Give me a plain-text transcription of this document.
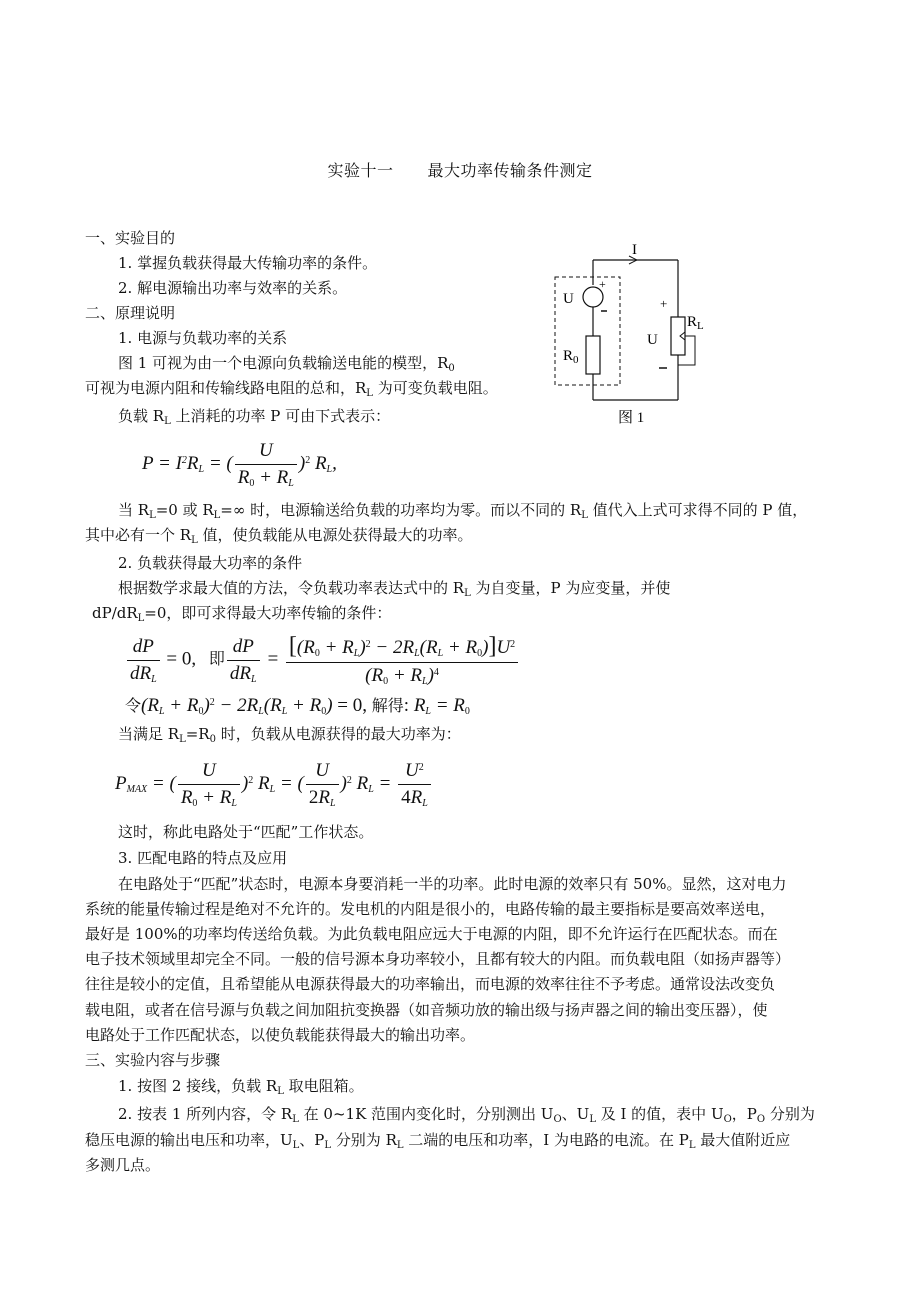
实验十一 最大功率传输条件测定
一、实验目的
1. 掌握负载获得最大传输功率的条件。
2. 解电源输出功率与效率的关系。
二、原理说明
1. 电源与负载功率的关系
图 1 可视为由一个电源向负载输送电能的模型，$R_0$
可视为电源内阻和传输线路电阻的总和，$R_L$ 为可变负载电阻。
负载 $R_L$ 上消耗的功率 P 可由下式表示：
$P = I^2R_L$ = ( $\frac{U}{R_0 + R_L} )^2$ $R_L$,
当 $R_L=0$ 或 $R_L=\infty$ 时，电源输送给负载的功率均为零。而以不同的 $R_L$ 值代入上式可求得不同的 P 值，
其中必有一个 $R_L$ 值，使负载能从电源处获得最大的功率。
2. 负载获得最大功率的条件
根据数学求最大值的方法，令负载功率表达式中的 $R_L$ 为自变量，P 为应变量，并使
$dP/dR_L=0$，即可求得最大功率传输的条件：
$\frac{dP}{dR_L} = 0$, 即 $\frac{dP}{dR_L} = \frac{[(R_0 + R_L)^2 - 2R_L(R_L + R_0)]U^2}{(R_0 + R_L)^4}$
令$(R_L + R_0)^2 - 2R_L(R_L + R_0) = 0$, 解得: $R_L = R_0$
当满足 $R_L=R_0$ 时，负载从电源获得的最大功率为：
$P_{MAX}$ = ( $\frac{U}{R_0 + R_L} )^2$ $R_L$ = ( $\frac{U}{2R_L} )^2$ $R_L = \frac{U^2}{4R_L}$
这时，称此电路处于“匹配”工作状态。
3. 匹配电路的特点及应用
在电路处于“匹配”状态时，电源本身要消耗一半的功率。此时电源的效率只有 50%。显然，这对电力
系统的能量传输过程是绝对不允许的。发电机的内阻是很小的，电路传输的最主要指标是要高效率送电，
最好是 100%的功率均传送给负载。为此负载电阻应远大于电源的内阻，即不允许运行在匹配状态。而在
电子技术领域里却完全不同。一般的信号源本身功率较小，且都有较大的内阻。而负载电阻（如扬声器等）
往往是较小的定值，且希望能从电源获得最大的功率输出，而电源的效率往往不予考虑。通常设法改变负
载电阻，或者在信号源与负载之间加阻抗变换器（如音频功放的输出级与扬声器之间的输出变压器），使
电路处于工作匹配状态，以使负载能获得最大的输出功率。
三、实验内容与步骤
1. 按图 2 接线，负载 $R_L$ 取电阻箱。
2. 按表 1 所列内容，令 $R_L$ 在 0~1K 范围内变化时，分别测出 $U_O$、$U_L$ 及 I 的值，表中 $U_O$，$P_O$ 分别为
稳压电源的输出电压和功率，$U_L$、$P_L$ 分别为 $R_L$ 二端的电压和功率，I 为电路的电流。在 $P_L$ 最大值附近应
多测几点。
I
+
U
$R_0$
$R_L$
+
U
图 1
